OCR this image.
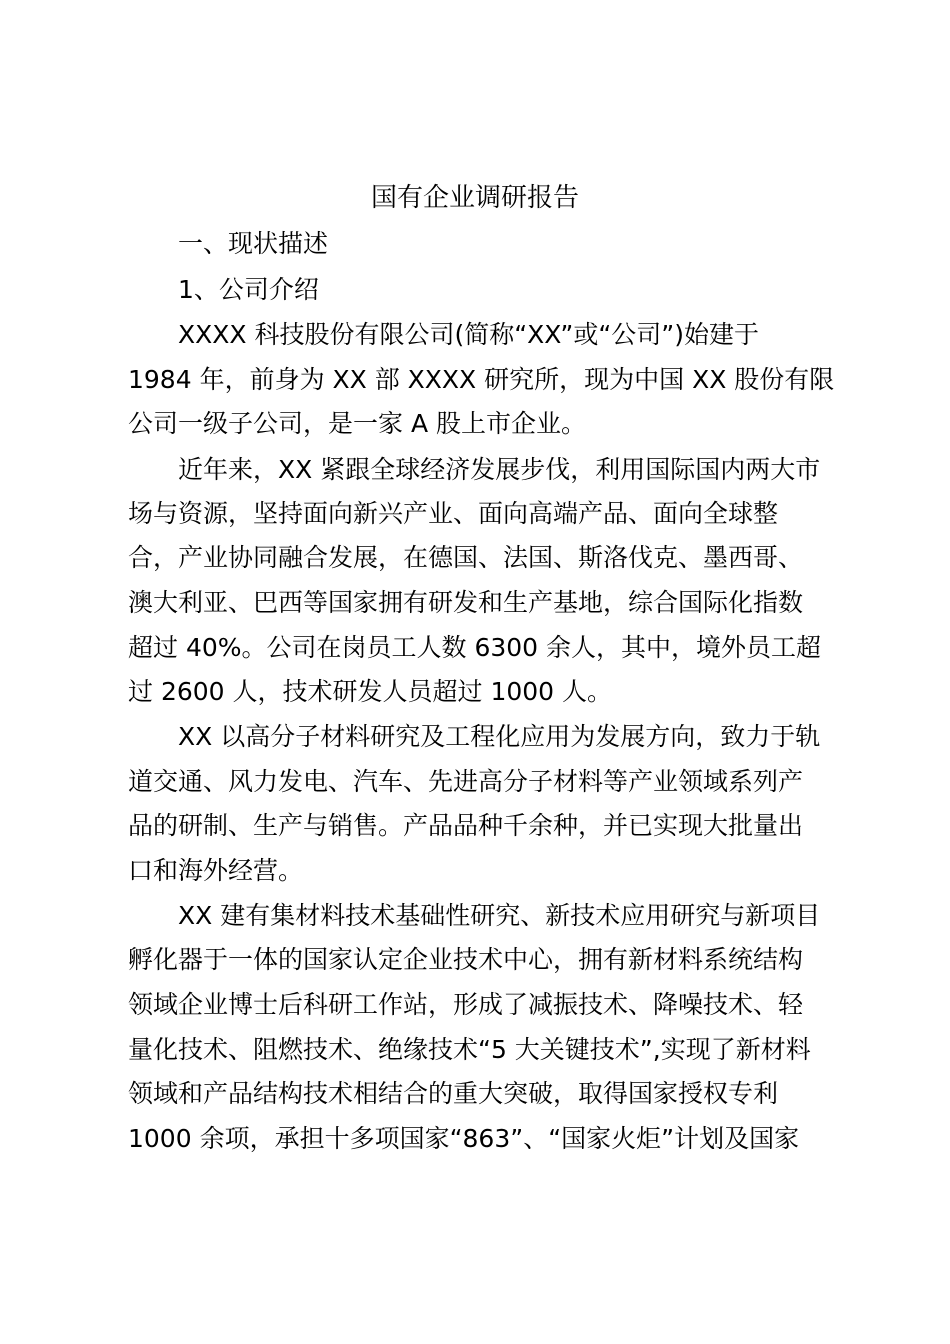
国有企业调研报告
一、现状描述
1、公司介绍
XXXX 科技股份有限公司(简称“XX”或“公司”)始建于
1984 年，前身为 XX 部 XXXX 研究所，现为中国 XX 股份有限
公司一级子公司，是一家 A 股上市企业。
近年来，XX 紧跟全球经济发展步伐，利用国际国内两大市
场与资源，坚持面向新兴产业、面向高端产品、面向全球整
合，产业协同融合发展，在德国、法国、斯洛伐克、墨西哥、
澳大利亚、巴西等国家拥有研发和生产基地，综合国际化指数
超过 40%。公司在岗员工人数 6300 余人，其中，境外员工超
过 2600 人，技术研发人员超过 1000 人。
XX 以高分子材料研究及工程化应用为发展方向，致力于轨
道交通、风力发电、汽车、先进高分子材料等产业领域系列产
品的研制、生产与销售。产品品种千余种，并已实现大批量出
口和海外经营。
XX 建有集材料技术基础性研究、新技术应用研究与新项目
孵化器于一体的国家认定企业技术中心，拥有新材料系统结构
领域企业博士后科研工作站，形成了减振技术、降噪技术、轻
量化技术、阻燃技术、绝缘技术“5 大关键技术”,实现了新材料
领域和产品结构技术相结合的重大突破，取得国家授权专利
1000 余项，承担十多项国家“863”、“国家火炬”计划及国家
